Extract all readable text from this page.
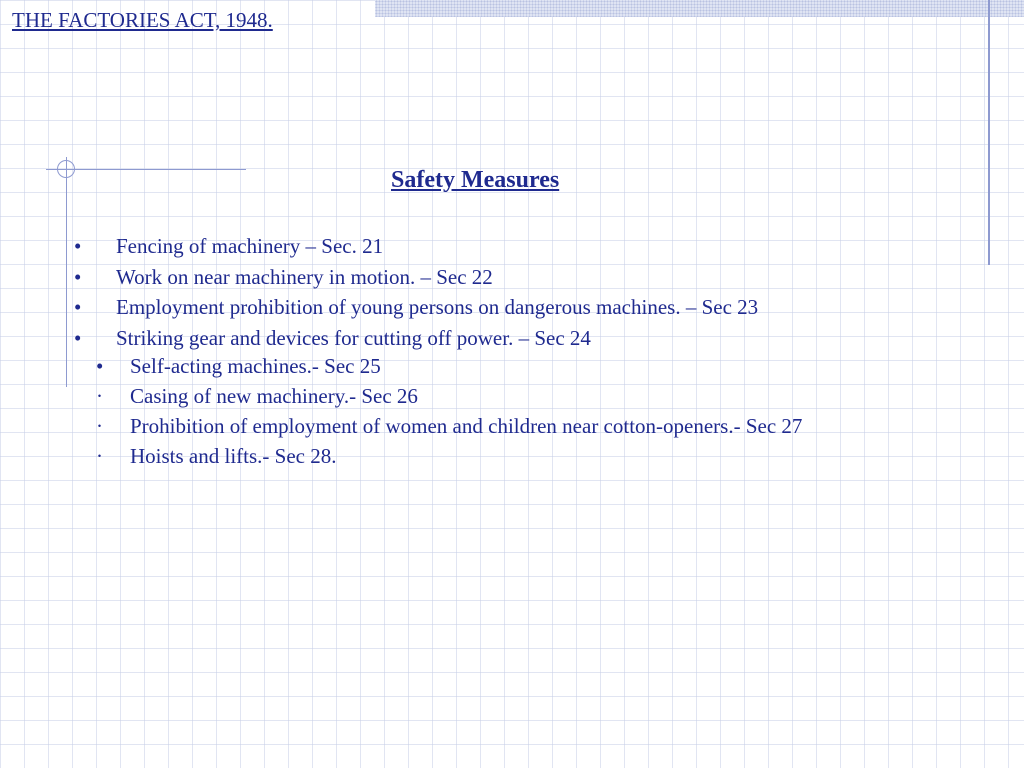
THE FACTORIES ACT, 1948.
Safety Measures
• Fencing of machinery – Sec. 21
• Work on near machinery in motion. – Sec 22
• Employment prohibition of young persons on dangerous machines. – Sec 23
• Striking gear and devices for cutting off power. – Sec 24
• Self-acting machines.- Sec 25
· Casing of new machinery.- Sec 26
· Prohibition of employment of women and children near cotton-openers.- Sec 27
· Hoists and lifts.- Sec 28.
